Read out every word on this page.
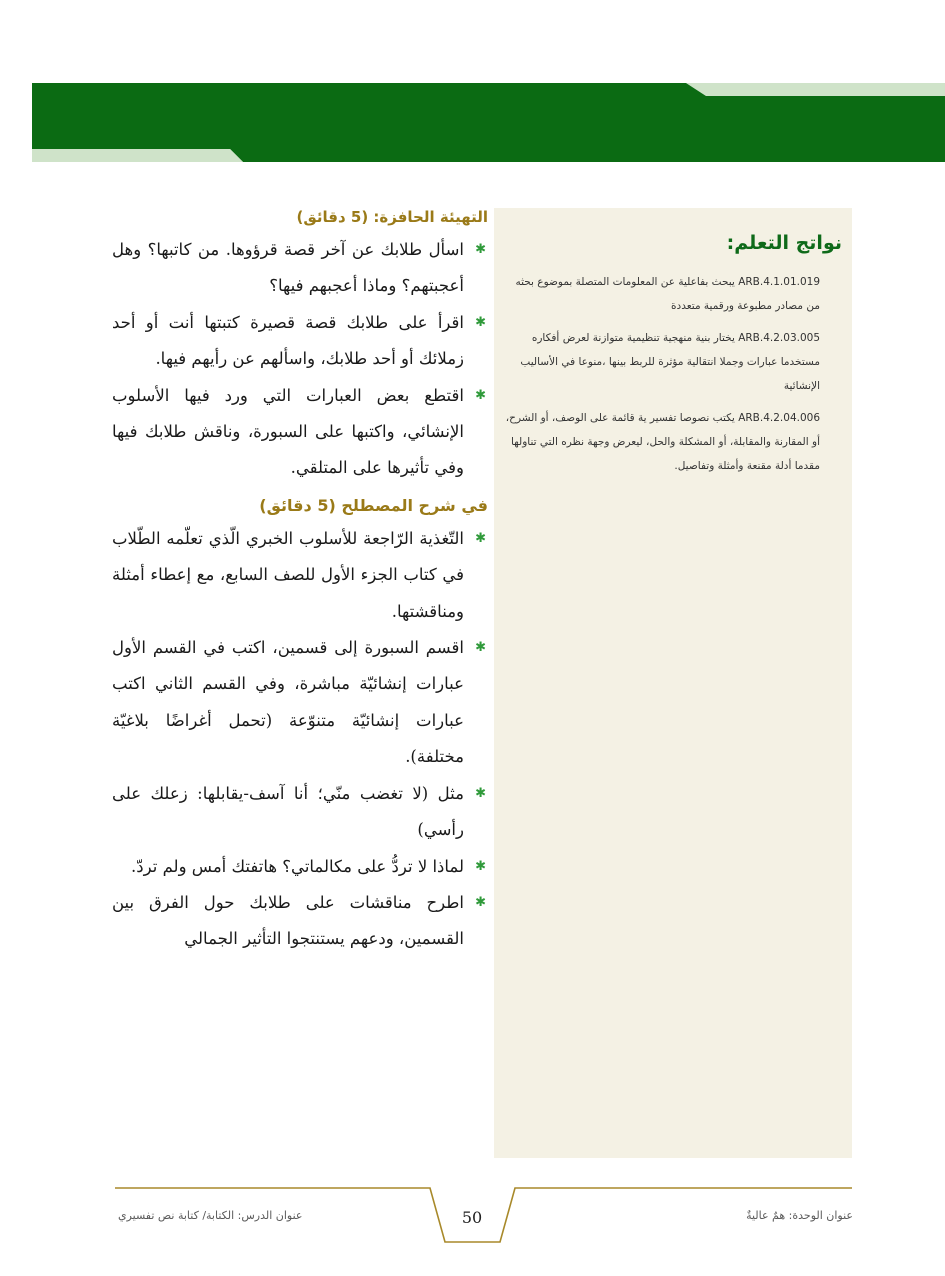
نواتج التعلم:

ARB.4.1.01.019 يبحث بفاعلية عن المعلومات المتصلة بموضوع بحثه من مصادر مطبوعة ورقمية متعددة

ARB.4.2.03.005 يختار بنية منهجية تنظيمية متوازنة لعرض أفكاره مستخدما عبارات وجملا انتقالية مؤثرة للربط بينها ،منوعا في الأساليب الإنشائية

ARB.4.2.04.006 يكتب نصوصا تفسير ية قائمة على الوصف، أو الشرح، أو المقارنة والمقابلة، أو المشكلة والحل، ليعرض وجهة نظره التي تناولها مقدما أدلة مقنعة وأمثلة وتفاصيل.

التهيئة الحافزة: (5 دقائق)
✱
اسأل طلابك عن آخر قصة قرؤوها. من كاتبها؟ وهل أعجبتهم؟ وماذا أعجبهم فيها؟
✱
اقرأ على طلابك قصة قصيرة كتبتها أنت أو أحد زملائك أو أحد طلابك، واسألهم عن رأيهم فيها.
✱
اقتطع بعض العبارات التي ورد فيها الأسلوب الإنشائي، واكتبها على السبورة، وناقش طلابك فيها وفي تأثيرها على المتلقي.
في شرح المصطلح (5 دقائق)
✱
التّغذية الرّاجعة للأسلوب الخبري الّذي تعلّمه الطّلاب في كتاب الجزء الأول للصف السابع، مع إعطاء أمثلة ومناقشتها.
✱
اقسم السبورة إلى قسمين، اكتب في القسم الأول عبارات إنشائيّة مباشرة، وفي القسم الثاني اكتب عبارات إنشائيّة متنوّعة (تحمل أغراضًا بلاغيّة مختلفة).
✱
مثل (لا تغضب منّي؛ أنا آسف-يقابلها: زعلك على رأسي)
✱
لماذا لا تردُّ على مكالماتي؟ هاتفتك أمس ولم تردّ.
✱
اطرح مناقشات على طلابك حول الفرق بين القسمين، ودعهم يستنتجوا التأثير الجمالي
عنوان الوحدة: همٌ عاليةٌ
50
عنوان الدرس: الكتابة/ كتابة نص تفسيري
